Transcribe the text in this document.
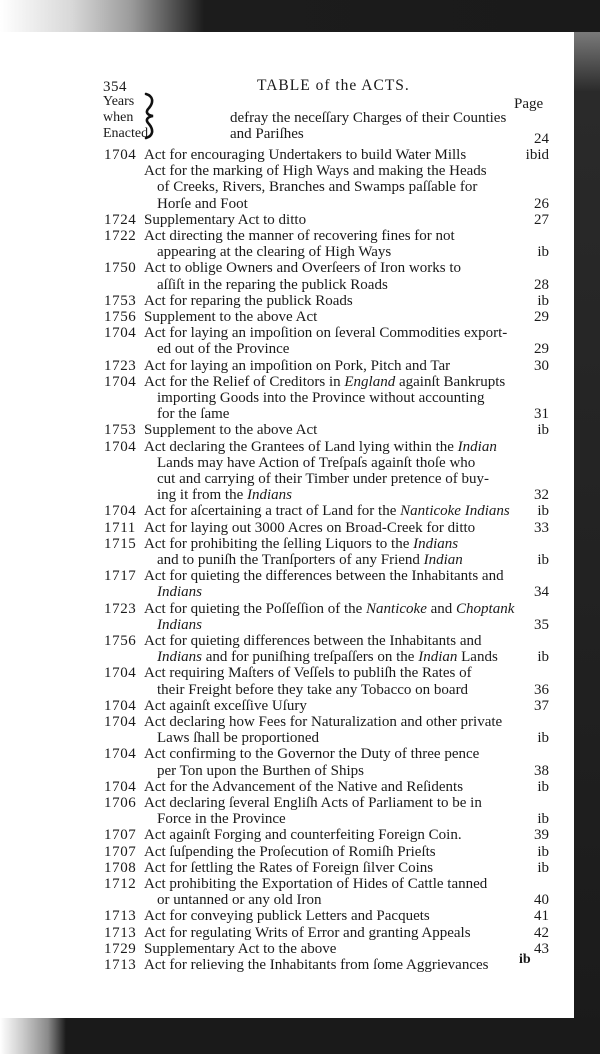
354	TABLE of the ACTS.
Years
when
Enacted
Page
defray the neceſſary Charges of their Counties
and Pariſhes	24
1704 Act for encouraging Undertakers to build Water Mills	ibid
Act for the marking of High Ways and making the Heads
of Creeks, Rivers, Branches and Swamps paſſable for
Horſe and Foot	26
1724 Supplementary Act to ditto	27
1722 Act directing the manner of recovering fines for not
appearing at the clearing of High Ways	ib
1750 Act to oblige Owners and Overſeers of Iron works to
aſſiſt in the reparing the publick Roads	28
1753 Act for reparing the publick Roads	ib
1756 Supplement to the above Act	29
1704 Act for laying an impoſition on ſeveral Commodities export-
ed out of the Province	29
1723 Act for laying an impoſition on Pork, Pitch and Tar	30
1704 Act for the Relief of Creditors in England againſt Bankrupts
importing Goods into the Province without accounting
for the ſame	31
1753 Supplement to the above Act	ib
1704 Act declaring the Grantees of Land lying within the Indian
Lands may have Action of Treſpaſs againſt thoſe who
cut and carrying of their Timber under pretence of buy-
ing it from the Indians	32
1704 Act for aſcertaining a tract of Land for the Nanticoke Indians	ib
1711 Act for laying out 3000 Acres on Broad-Creek for ditto	33
1715 Act for prohibiting the ſelling Liquors to the Indians
and to puniſh the Tranſporters of any Friend Indian	ib
1717 Act for quieting the differences between the Inhabitants and
Indians	34
1723 Act for quieting the Poſſeſſion of the Nanticoke and Choptank
Indians	35
1756 Act for quieting differences between the Inhabitants and
Indians and for puniſhing treſpaſſers on the Indian Lands	ib
1704 Act requiring Maſters of Veſſels to publiſh the Rates of
their Freight before they take any Tobacco on board	36
1704 Act againſt exceſſive Uſury	37
1704 Act declaring how Fees for Naturalization and other private
Laws ſhall be proportioned	ib
1704 Act confirming to the Governor the Duty of three pence
per Ton upon the Burthen of Ships	38
1704 Act for the Advancement of the Native and Reſidents	ib
1706 Act declaring ſeveral Engliſh Acts of Parliament to be in
Force in the Province	ib
1707 Act againſt Forging and counterfeiting Foreign Coin.	39
1707 Act ſuſpending the Proſecution of Romiſh Prieſts	ib
1708 Act for ſettling the Rates of Foreign ſilver Coins	ib
1712 Act prohibiting the Exportation of Hides of Cattle tanned
or untanned or any old Iron	40
1713 Act for conveying publick Letters and Pacquets	41
1713 Act for regulating Writs of Error and granting Appeals	42
1729 Supplementary Act to the above	43
1713 Act for relieving the Inhabitants from ſome Aggrievances	ib
